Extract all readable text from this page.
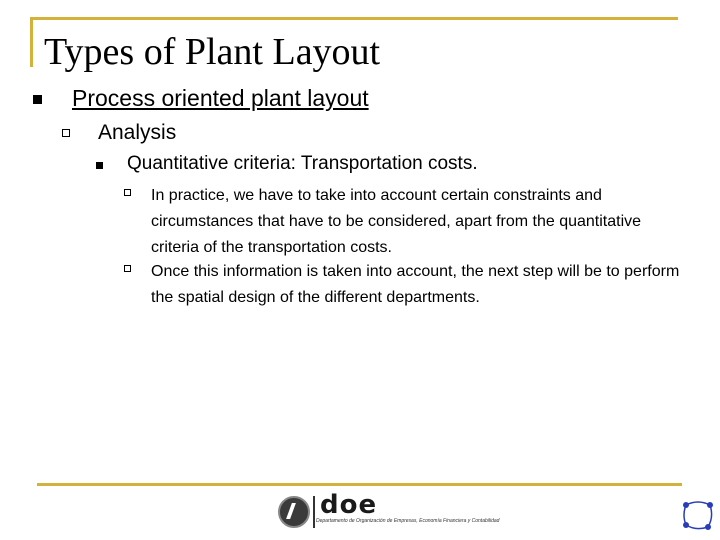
Types of Plant Layout
Process oriented plant layout
Analysis
Quantitative criteria: Transportation costs.
In practice, we have to take into account certain constraints and circumstances that have to be considered, apart from the quantitative criteria of the transportation costs.
Once this information is taken into account, the next step will be to perform the spatial design of the different departments.
doe
Departamento de Organización de Empresas, Economía Financiera y Contabilidad
